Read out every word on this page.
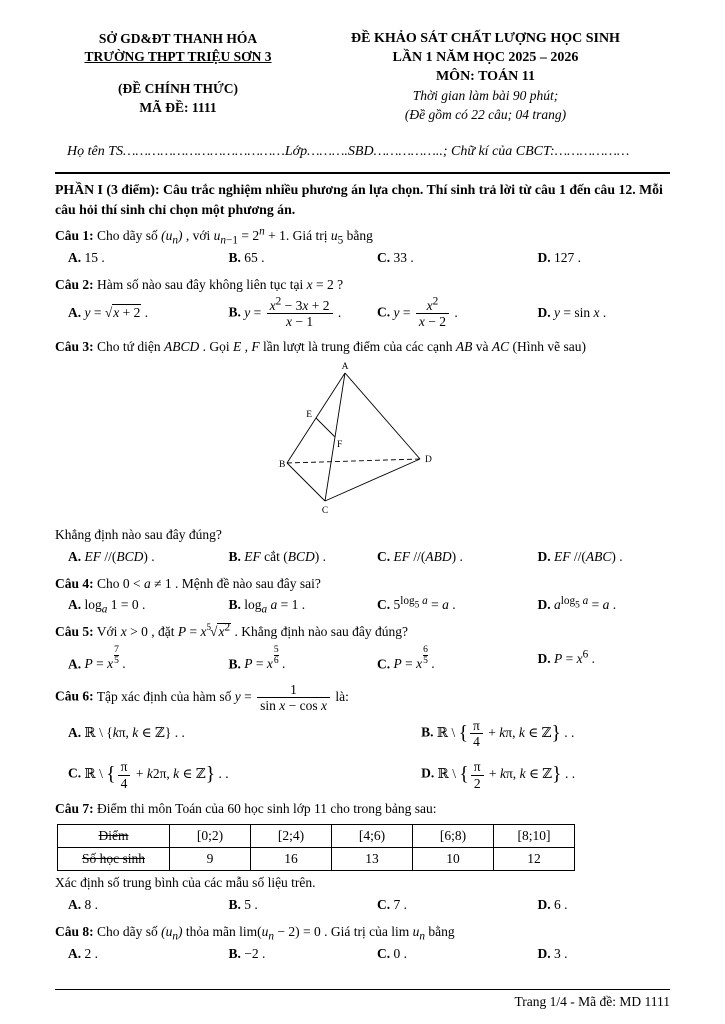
SỞ GD&ĐT THANH HÓA
TRƯỜNG THPT TRIỆU SƠN 3
(ĐỀ CHÍNH THỨC)
MÃ ĐỀ: 1111
ĐỀ KHẢO SÁT CHẤT LƯỢNG HỌC SINH
LẦN 1 NĂM HỌC 2025 – 2026
MÔN: TOÁN 11
Thời gian làm bài 90 phút;
(Đề gồm có 22 câu; 04 trang)
Họ tên TS…………………………………Lớp……….SBD……………..; Chữ kí của CBCT:………………
PHẦN I (3 điểm): Câu trắc nghiệm nhiều phương án lựa chọn. Thí sinh trả lời từ câu 1 đến câu 12. Mỗi câu hỏi thí sinh chỉ chọn một phương án.
Câu 1: Cho dãy số $(u_n)$ , với $u_{n-1} = 2^n + 1$. Giá trị $u_5$ bằng
A. 15 .	B. 65 .	C. 33 .	D. 127 .
Câu 2: Hàm số nào sau đây không liên tục tại x = 2 ?
A. y = √x + 2 .	B. $y = \frac{x^2 - 3x + 2}{x - 1}$ .	C. $y = \frac{x^2}{x - 2}$ .	D. y = sin x .
Câu 3: Cho tứ diện ABCD . Gọi E , F lần lượt là trung điểm của các cạnh AB và AC (Hình vẽ sau)
A
B
C
D
E
F
Khẳng định nào sau đây đúng?
A. EF //(BCD) .	B. EF cắt (BCD) .	C. EF //(ABD) .	D. EF //(ABC) .
Câu 4: Cho 0 < a ≠ 1 . Mệnh đề nào sau đây sai?
A. $\log_a 1 = 0$ .	B. $\log_a a = 1$ .	C. $5^{log_5 a} = a$ .	D. $a^{log_5 a} = a$ .
Câu 5: Với x > 0 , đặt $P = x^5√x^2$ . Khẳng định nào sau đây đúng?
A. P = x $\frac{7}{5}$ .	B. P = x $\frac{5}{6}$ .	C. P = x $\frac{6}{5}$ .	D. $P = x^6$ .
Câu 6: Tập xác định của hàm số $y = \frac{1}{\text{sin x − cos x}}$ là:
A. ℝ \ {kπ, k ∈ ℤ} . .	B. ℝ \ { $\frac{\pi}{4} + k\pi$, k ∈ ℤ} . .
C. ℝ \ { $\frac{\pi}{4} + k2\pi$, k ∈ ℤ} . .	D. ℝ \ { $\frac{\pi}{2} + k\pi$, k ∈ ℤ} . .
Câu 7: Điểm thi môn Toán của 60 học sinh lớp 11 cho trong bảng sau:
Điểm	[0;2)	[2;4)	[4;6)	[6;8)	[8;10]
Số học sinh	9	16	13	10	12
Xác định số trung bình của các mẫu số liệu trên.
A. 8 .	B. 5 .	C. 7 .	D. 6 .
Câu 8: Cho dãy số $(u_n)$ thỏa mãn $\lim(u_n - 2) = 0$ . Giá trị của $\lim u_n$ bằng
A. 2 .	B. −2 .	C. 0 .	D. 3 .
Trang 1/4 - Mã đề: MD 1111
